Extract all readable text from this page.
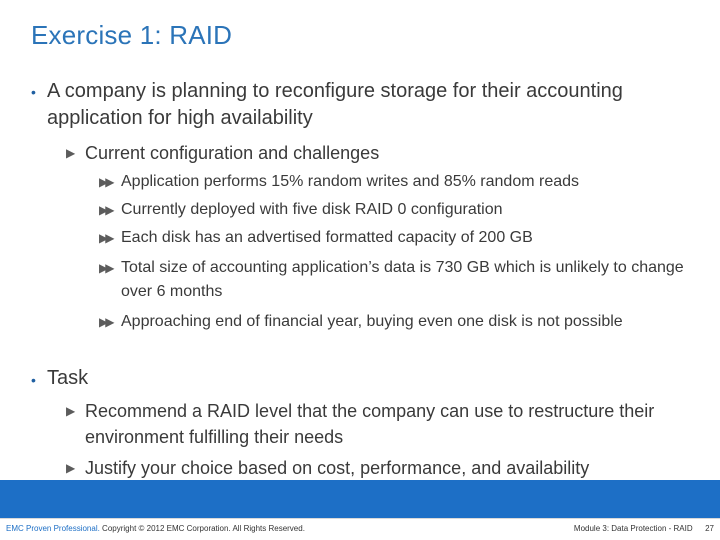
Exercise 1: RAID
• A company is planning to reconfigure storage for their accounting application for high availability
▶ Current configuration and challenges
▶▶ Application performs 15% random writes and 85% random reads
▶▶ Currently deployed with five disk RAID 0 configuration
▶▶ Each disk has an advertised formatted capacity of 200 GB
▶▶ Total size of accounting application’s data is 730 GB which is unlikely to change over 6 months
▶▶ Approaching end of financial year, buying even one disk is not possible
• Task
▶ Recommend a RAID level that the company can use to restructure their environment fulfilling their needs
▶ Justify your choice based on cost, performance, and availability
EMC Proven Professional. Copyright © 2012 EMC Corporation. All Rights Reserved.	Module 3: Data Protection - RAID 27
